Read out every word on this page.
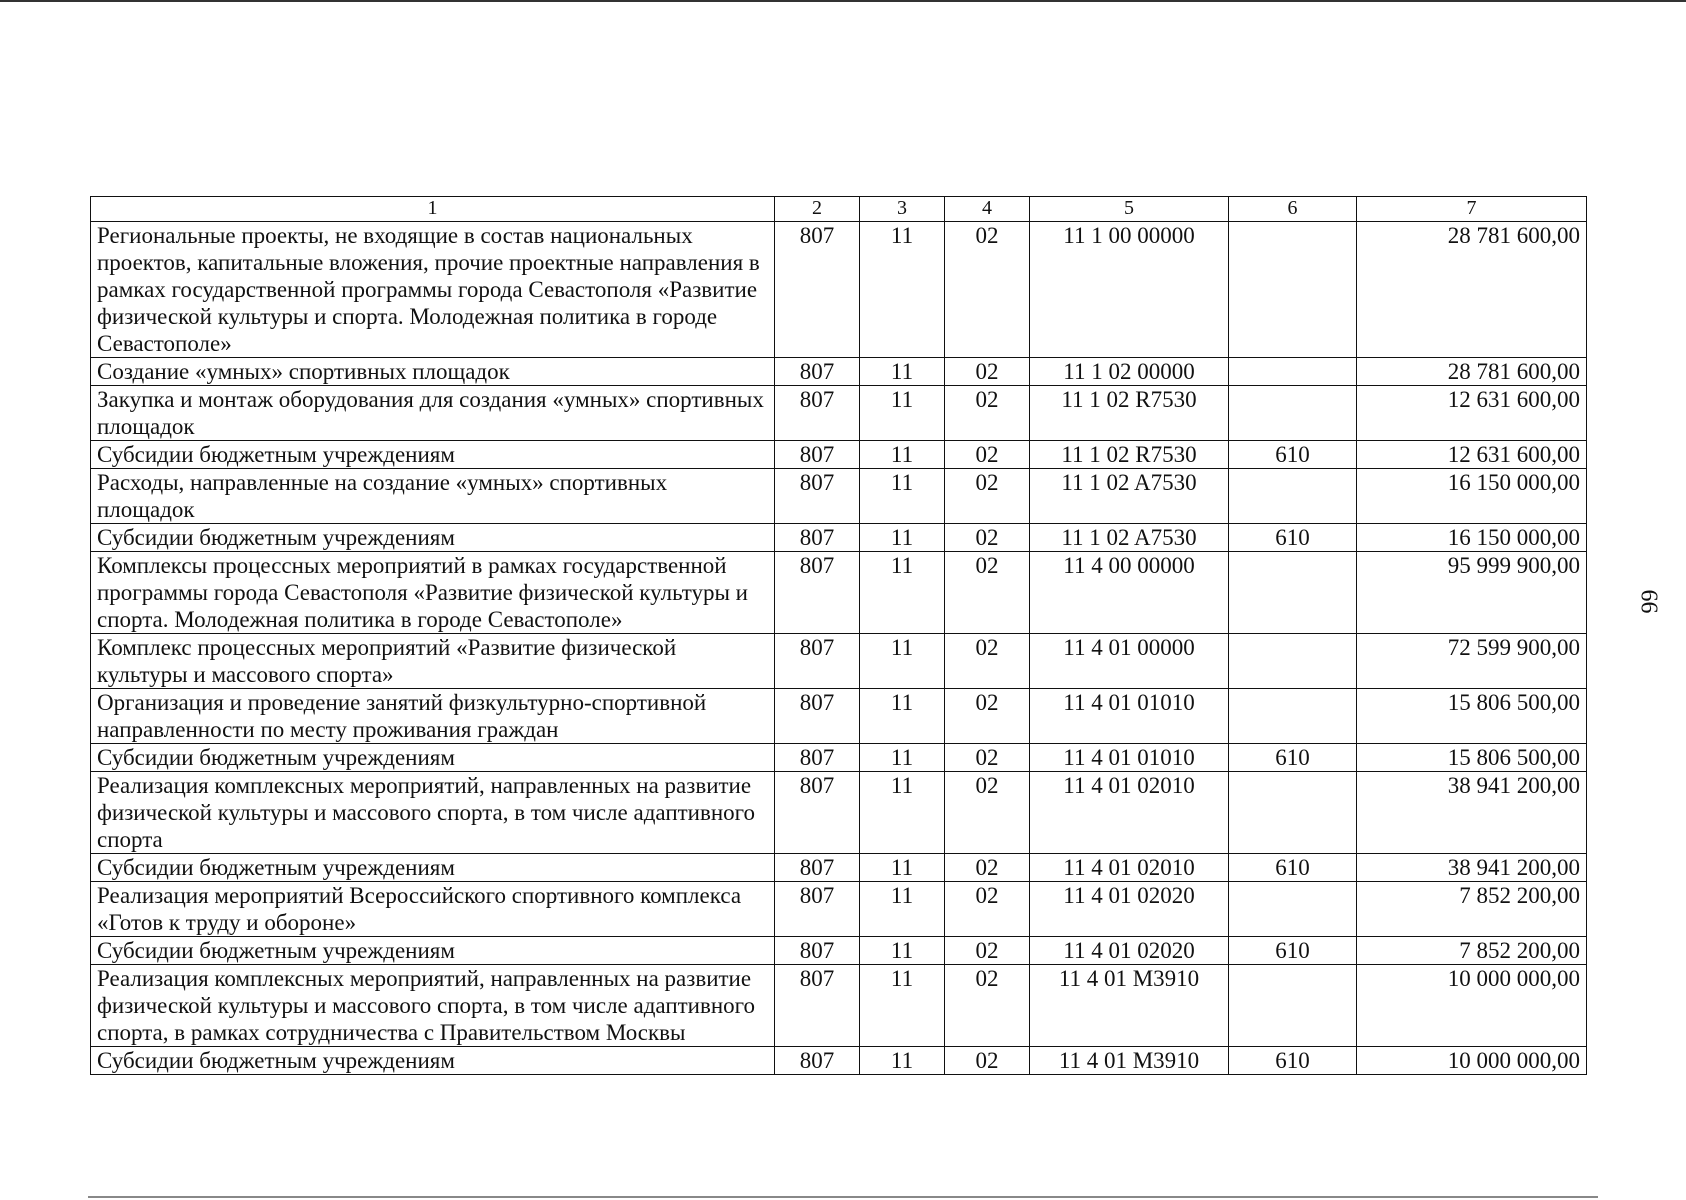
1	2	3	4	5	6	7
Региональные проекты, не входящие в состав национальных проектов, капитальные вложения, прочие проектные направления в рамках государственной программы города Севастополя «Развитие физической культуры и спорта. Молодежная политика в городе Севастополе»	807	11	02	11 1 00 00000		28 781 600,00
Создание «умных» спортивных площадок	807	11	02	11 1 02 00000		28 781 600,00
Закупка и монтаж оборудования для создания «умных» спортивных площадок	807	11	02	11 1 02 R7530		12 631 600,00
Субсидии бюджетным учреждениям	807	11	02	11 1 02 R7530	610	12 631 600,00
Расходы, направленные на создание «умных» спортивных площадок	807	11	02	11 1 02 A7530		16 150 000,00
Субсидии бюджетным учреждениям	807	11	02	11 1 02 A7530	610	16 150 000,00
Комплексы процессных мероприятий в рамках государственной программы города Севастополя «Развитие физической культуры и спорта. Молодежная политика в городе Севастополе»	807	11	02	11 4 00 00000		95 999 900,00
Комплекс процессных мероприятий «Развитие физической культуры и массового спорта»	807	11	02	11 4 01 00000		72 599 900,00
Организация и проведение занятий физкультурно-спортивной направленности по месту проживания граждан	807	11	02	11 4 01 01010		15 806 500,00
Субсидии бюджетным учреждениям	807	11	02	11 4 01 01010	610	15 806 500,00
Реализация комплексных мероприятий, направленных на развитие физической культуры и массового спорта, в том числе адаптивного спорта	807	11	02	11 4 01 02010		38 941 200,00
Субсидии бюджетным учреждениям	807	11	02	11 4 01 02010	610	38 941 200,00
Реализация мероприятий Всероссийского спортивного комплекса «Готов к труду и обороне»	807	11	02	11 4 01 02020		7 852 200,00
Субсидии бюджетным учреждениям	807	11	02	11 4 01 02020	610	7 852 200,00
Реализация комплексных мероприятий, направленных на развитие физической культуры и массового спорта, в том числе адаптивного спорта, в рамках сотрудничества с Правительством Москвы	807	11	02	11 4 01 M3910		10 000 000,00
Субсидии бюджетным учреждениям	807	11	02	11 4 01 M3910	610	10 000 000,00
66
